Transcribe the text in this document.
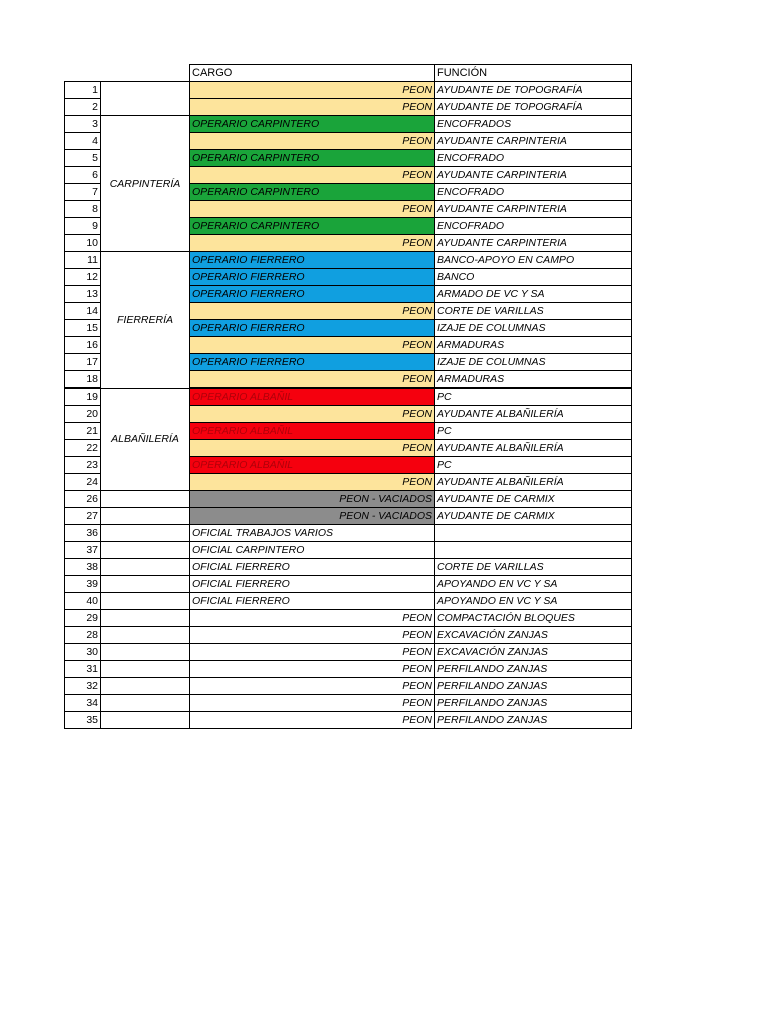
		CARGO	FUNCIÓN
1		PEON	AYUDANTE DE TOPOGRAFÍA
2		PEON	AYUDANTE DE TOPOGRAFÍA
3	CARPINTERÍA	OPERARIO CARPINTERO	ENCOFRADOS
4		PEON	AYUDANTE CARPINTERIA
5		OPERARIO CARPINTERO	ENCOFRADO
6		PEON	AYUDANTE CARPINTERIA
7		OPERARIO CARPINTERO	ENCOFRADO
8		PEON	AYUDANTE CARPINTERIA
9		OPERARIO CARPINTERO	ENCOFRADO
10		PEON	AYUDANTE CARPINTERIA
11	FIERRERÍA	OPERARIO FIERRERO	BANCO-APOYO EN CAMPO
12		OPERARIO FIERRERO	BANCO
13		OPERARIO FIERRERO	ARMADO DE VC Y SA
14		PEON	CORTE DE VARILLAS
15		OPERARIO FIERRERO	IZAJE DE COLUMNAS
16		PEON	ARMADURAS
17		OPERARIO FIERRERO	IZAJE DE COLUMNAS
18		PEON	ARMADURAS
19	ALBAÑILERÍA	OPERARIO ALBAÑIL	PC
20		PEON	AYUDANTE ALBAÑILERÍA
21		OPERARIO ALBAÑIL	PC
22		PEON	AYUDANTE ALBAÑILERÍA
23		OPERARIO ALBAÑIL	PC
24		PEON	AYUDANTE ALBAÑILERÍA
26		PEON - VACIADOS	AYUDANTE DE CARMIX
27		PEON - VACIADOS	AYUDANTE DE CARMIX
36		OFICIAL TRABAJOS VARIOS	
37		OFICIAL CARPINTERO	
38		OFICIAL FIERRERO	CORTE DE VARILLAS
39		OFICIAL FIERRERO	APOYANDO EN VC Y SA
40		OFICIAL FIERRERO	APOYANDO EN VC Y SA
29		PEON	COMPACTACIÓN BLOQUES
28		PEON	EXCAVACIÓN ZANJAS
30		PEON	EXCAVACIÓN ZANJAS
31		PEON	PERFILANDO ZANJAS
32		PEON	PERFILANDO ZANJAS
34		PEON	PERFILANDO ZANJAS
35		PEON	PERFILANDO ZANJAS
